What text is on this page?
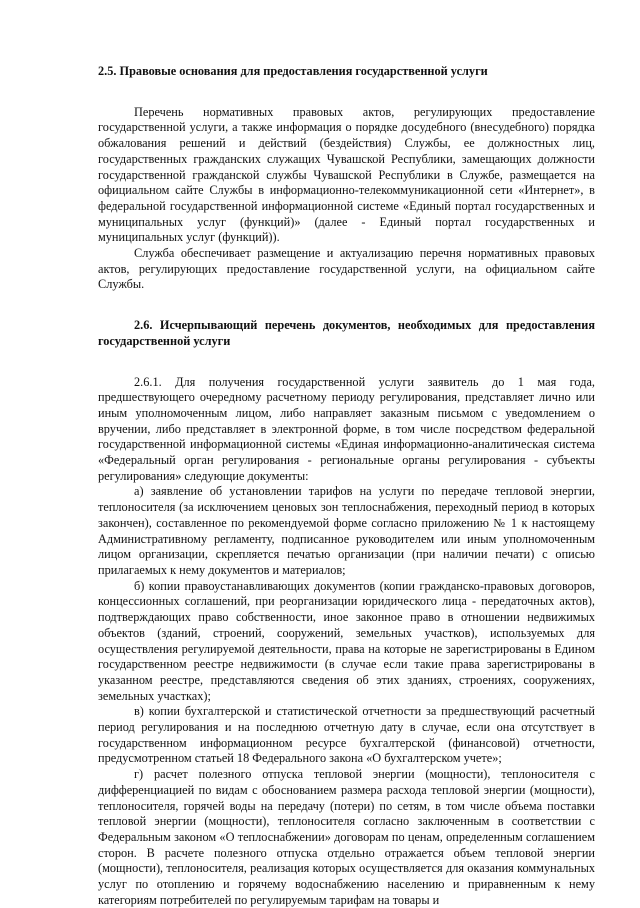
2.5. Правовые основания для предоставления государственной услуги

Перечень нормативных правовых актов, регулирующих предоставление государственной услуги, а также информация о порядке досудебного (внесудебного) порядка обжалования решений и действий (бездействия) Службы, ее должностных лиц, государственных гражданских служащих Чувашской Республики, замещающих должности государственной гражданской службы Чувашской Республики в Службе, размещается на официальном сайте Службы в информационно-телекоммуникационной сети «Интернет», в федеральной государственной информационной системе «Единый портал государственных и муниципальных услуг (функций)» (далее - Единый портал государственных и муниципальных услуг (функций)).

Служба обеспечивает размещение и актуализацию перечня нормативных правовых актов, регулирующих предоставление государственной услуги, на официальном сайте Службы.

2.6. Исчерпывающий перечень документов, необходимых для предоставления государственной услуги

2.6.1. Для получения государственной услуги заявитель до 1 мая года, предшествующего очередному расчетному периоду регулирования, представляет лично или иным уполномоченным лицом, либо направляет заказным письмом с уведомлением о вручении, либо представляет в электронной форме, в том числе посредством федеральной государственной информационной системы «Единая информационно-аналитическая система «Федеральный орган регулирования - региональные органы регулирования - субъекты регулирования» следующие документы:

а) заявление об установлении тарифов на услуги по передаче тепловой энергии, теплоносителя (за исключением ценовых зон теплоснабжения, переходный период в которых закончен), составленное по рекомендуемой форме согласно приложению № 1 к настоящему Административному регламенту, подписанное руководителем или иным уполномоченным лицом организации, скрепляется печатью организации (при наличии печати) с описью прилагаемых к нему документов и материалов;

б) копии правоустанавливающих документов (копии гражданско-правовых договоров, концессионных соглашений, при реорганизации юридического лица - передаточных актов), подтверждающих право собственности, иное законное право в отношении недвижимых объектов (зданий, строений, сооружений, земельных участков), используемых для осуществления регулируемой деятельности, права на которые не зарегистрированы в Едином государственном реестре недвижимости (в случае если такие права зарегистрированы в указанном реестре, представляются сведения об этих зданиях, строениях, сооружениях, земельных участках);

в) копии бухгалтерской и статистической отчетности за предшествующий расчетный период регулирования и на последнюю отчетную дату в случае, если она отсутствует в государственном информационном ресурсе бухгалтерской (финансовой) отчетности, предусмотренном статьей 18 Федерального закона «О бухгалтерском учете»;

г) расчет полезного отпуска тепловой энергии (мощности), теплоносителя с дифференциацией по видам с обоснованием размера расхода тепловой энергии (мощности), теплоносителя, горячей воды на передачу (потери) по сетям, в том числе объема поставки тепловой энергии (мощности), теплоносителя согласно заключенным в соответствии с Федеральным законом «О теплоснабжении» договорам по ценам, определенным соглашением сторон. В расчете полезного отпуска отдельно отражается объем тепловой энергии (мощности), теплоносителя, реализация которых осуществляется для оказания коммунальных услуг по отоплению и горячему водоснабжению населению и приравненным к нему категориям потребителей по регулируемым тарифам на товары и
